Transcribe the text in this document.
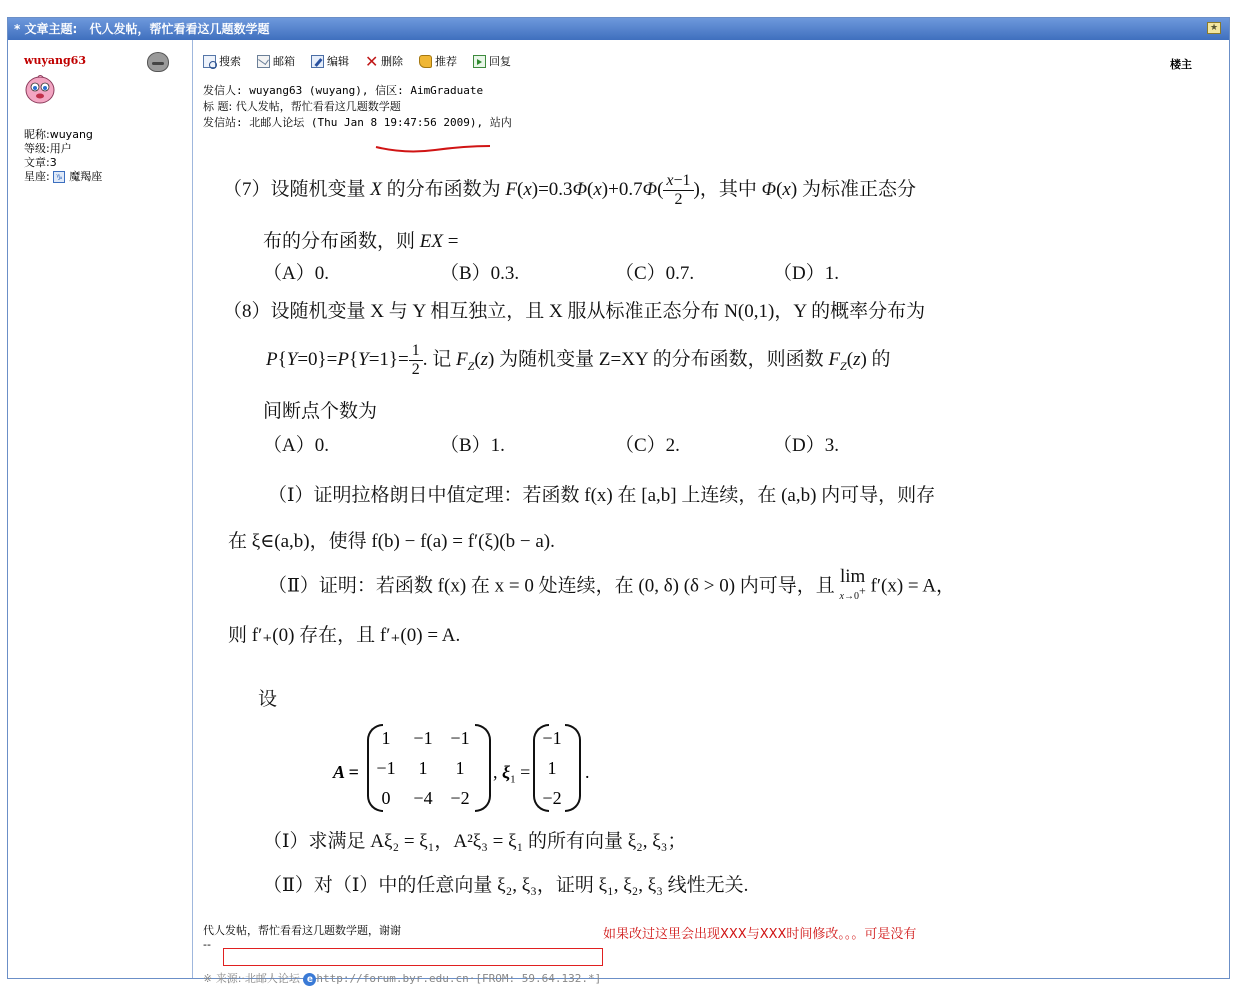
* 文章主题: 代人发帖，帮忙看看这几题数学题	★
wuyang63
昵称:wuyang
等级:用户
文章:3
星座: ♑ 魔羯座
搜索	邮箱	编辑 ✕ 删除	推荐	回复	楼主
发信人: wuyang63 (wuyang), 信区: AimGraduate
标 题: 代人发帖，帮忙看看这几题数学题
发信站: 北邮人论坛 (Thu Jan 8 19:47:56 2009), 站内
（7）设随机变量 X 的分布函数为 $F(x)=0.3\Phi(x)+0.7\Phi( \frac{x-1}{2}$ )，其中 Φ(x) 为标准正态分
布的分布函数，则 EX =
（A）0.	（B）0.3.	（C）0.7.	（D）1.
（8）设随机变量 X 与 Y 相互独立，且 X 服从标准正态分布 N(0,1)，Y 的概率分布为
$P\{Y=0\}=P\{Y=1\}= \frac{1}{2}$ . 记 $F_Z(z)$ 为随机变量 Z=XY 的分布函数，则函数 $F_Z(z)$ 的
间断点个数为
（A）0.	（B）1.	（C）2.	（D）3.
（Ⅰ）证明拉格朗日中值定理：若函数 f(x) 在 [a,b] 上连续，在 (a,b) 内可导，则存
在 ξ∈(a,b)，使得 f(b) − f(a) = f′(ξ)(b − a).
（Ⅱ）证明：若函数 f(x) 在 x = 0 处连续，在 (0, δ) (δ > 0) 内可导，且 lim
x→0+ f′(x) = A，
则 f′₊(0) 存在，且 f′₊(0) = A.
设
A =
1	−1 −1
−1	1	1
0	−4 −2
, $\xi_1$ =
−1
1
−2
.
（Ⅰ）求满足 Aξ₂ = ξ₁，A²ξ₃ = ξ₁ 的所有向量 ξ₂, ξ₃；
（Ⅱ）对（Ⅰ）中的任意向量 ξ₂, ξ₃，证明 ξ₁, ξ₂, ξ₃ 线性无关.
代人发帖，帮忙看看这几题数学题，谢谢
--
如果改过这里会出现XXX与XXX时间修改。。。可是没有
※ 来源:·北邮人论坛 e http://forum.byr.edu.cn·[FROM: 59.64.132.*]
